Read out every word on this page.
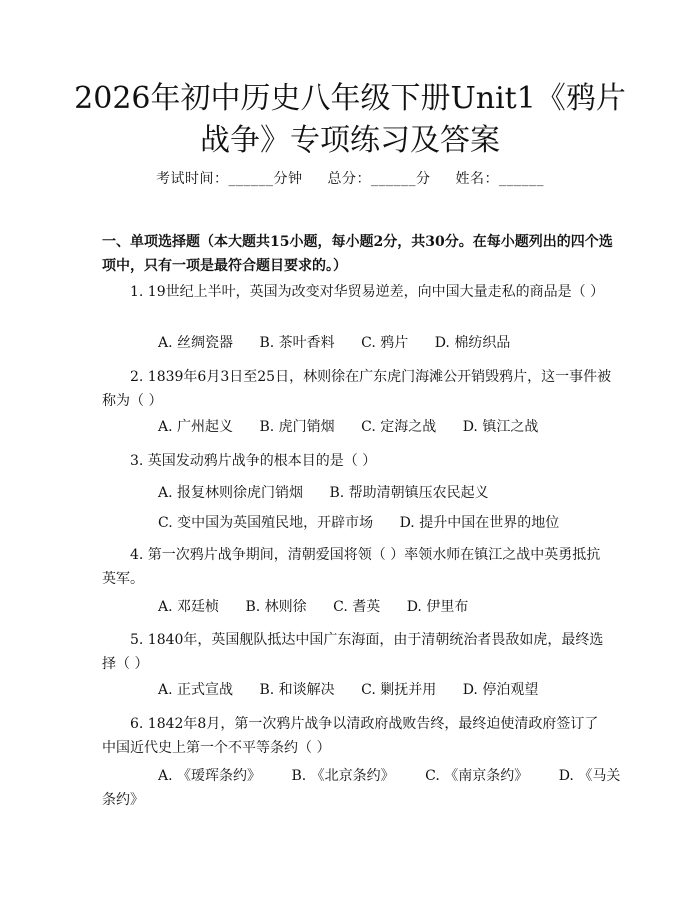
2026年初中历史八年级下册Unit1《鸦片战争》专项练习及答案
考试时间：______分钟 总分：______分 姓名：______
一、单项选择题（本大题共15小题，每小题2分，共30分。在每小题列出的四个选项中，只有一项是最符合题目要求的。）
1. 19世纪上半叶，英国为改变对华贸易逆差，向中国大量走私的商品是（ ）
A. 丝绸瓷器 B. 茶叶香料 C. 鸦片 D. 棉纺织品
2. 1839年6月3日至25日，林则徐在广东虎门海滩公开销毁鸦片，这一事件被称为（ ）
A. 广州起义 B. 虎门销烟 C. 定海之战 D. 镇江之战
3. 英国发动鸦片战争的根本目的是（ ）
A. 报复林则徐虎门销烟 B. 帮助清朝镇压农民起义
C. 变中国为英国殖民地，开辟市场 D. 提升中国在世界的地位
4. 第一次鸦片战争期间，清朝爱国将领（ ）率领水师在镇江之战中英勇抵抗英军。
A. 邓廷桢 B. 林则徐 C. 耆英 D. 伊里布
5. 1840年，英国舰队抵达中国广东海面，由于清朝统治者畏敌如虎，最终选择（ ）
A. 正式宣战 B. 和谈解决 C. 剿抚并用 D. 停泊观望
6. 1842年8月，第一次鸦片战争以清政府战败告终，最终迫使清政府签订了中国近代史上第一个不平等条约（ ）
A. 《瑷珲条约》 B. 《北京条约》 C. 《南京条约》 D. 《马关条约》
